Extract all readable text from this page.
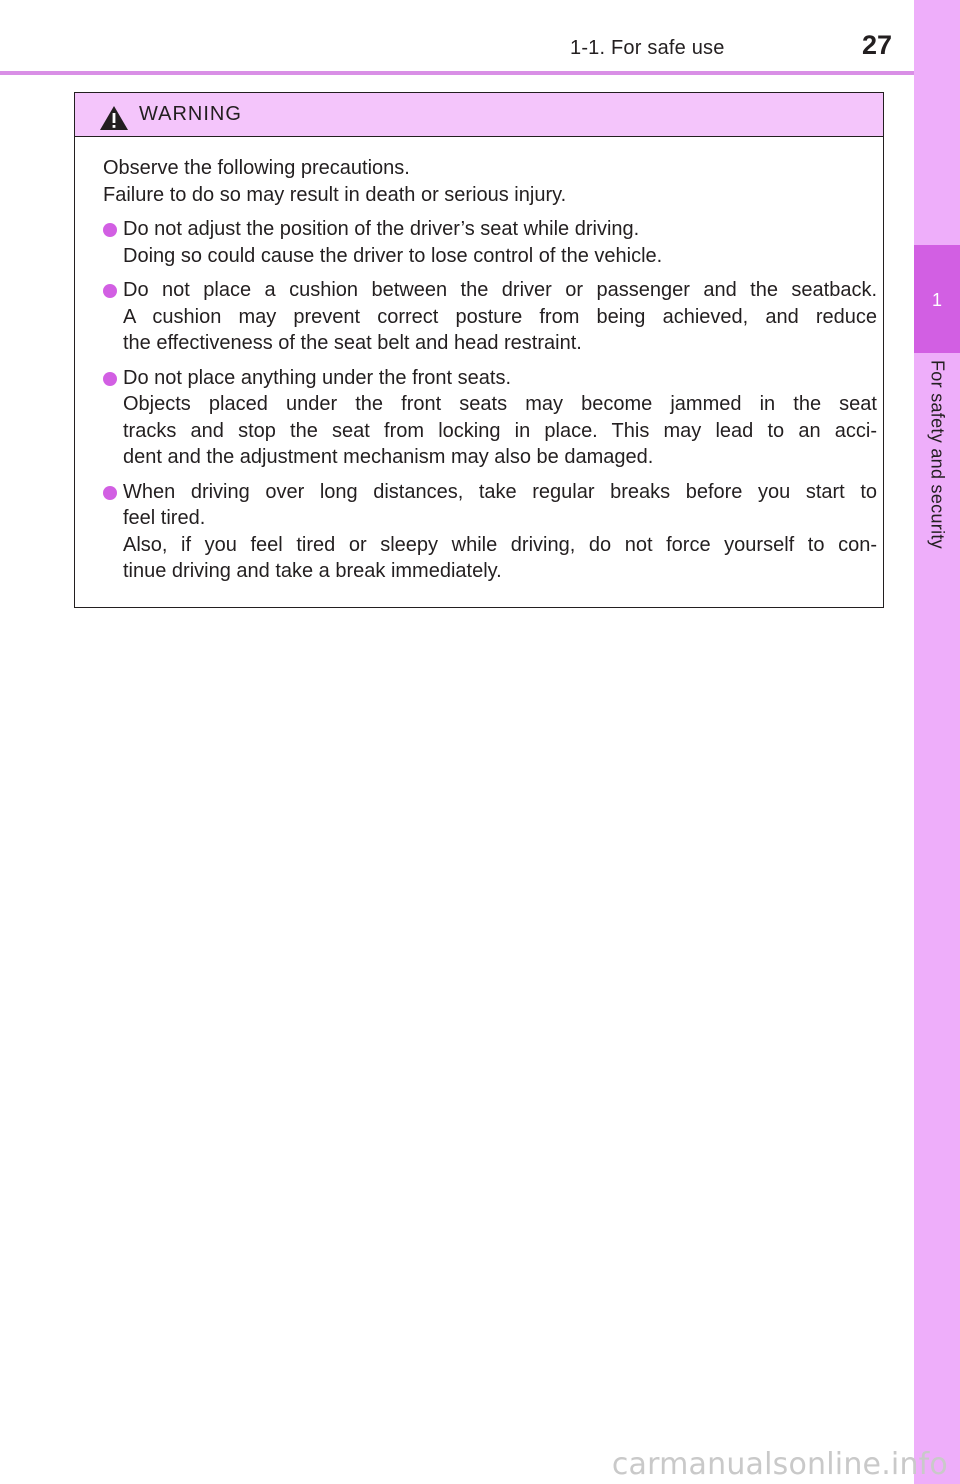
1-1. For safe use	27
1
For safety and security
WARNING
Observe the following precautions.
Failure to do so may result in death or serious injury.
Do not adjust the position of the driver’s seat while driving.
Doing so could cause the driver to lose control of the vehicle.
Do not place a cushion between the driver or passenger and the seatback.
A cushion may prevent correct posture from being achieved, and reduce
the effectiveness of the seat belt and head restraint.
Do not place anything under the front seats.
Objects placed under the front seats may become jammed in the seat
tracks and stop the seat from locking in place. This may lead to an acci-
dent and the adjustment mechanism may also be damaged.
When driving over long distances, take regular breaks before you start to
feel tired.
Also, if you feel tired or sleepy while driving, do not force yourself to con-
tinue driving and take a break immediately.
carmanualsonline.info
